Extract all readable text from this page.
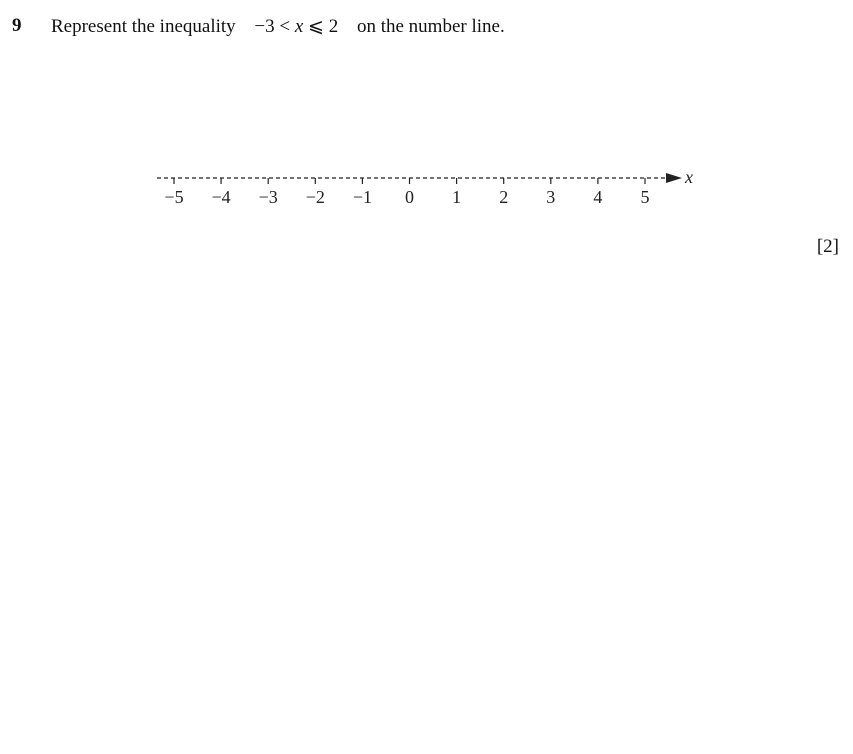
9 Represent the inequality −3 < x ⩽ 2 on the number line.
x
−5 −4 −3 −2 −1 0 1 2 3 4 5
[2]
